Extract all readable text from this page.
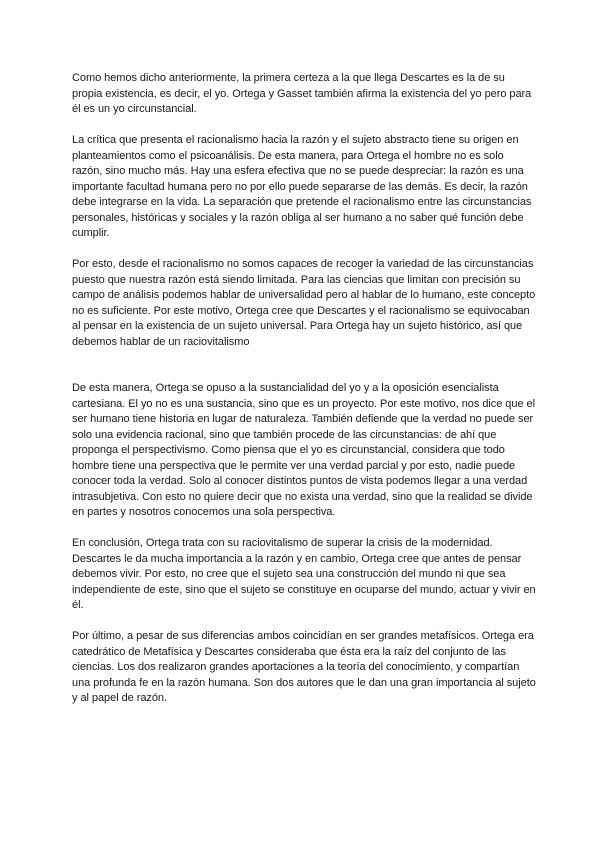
Como hemos dicho anteriormente, la primera certeza a la que llega Descartes es la de su propia existencia, es decir, el yo. Ortega y Gasset también afirma la existencia del yo pero para él es un yo circunstancial.

La crítica que presenta el racionalismo hacia la razón y el sujeto abstracto tiene su origen en planteamientos como el psicoanálisis. De esta manera, para Ortega el hombre no es solo razón, sino mucho más. Hay una esfera efectiva que no se puede despreciar: la razón es una importante facultad humana pero no por ello puede separarse de las demás. Es decir, la razón debe integrarse en la vida. La separación que pretende el racionalismo entre las circunstancias personales, históricas y sociales y la razón obliga al ser humano a no saber qué función debe cumplir.

Por esto, desde el racionalismo no somos capaces de recoger la variedad de las circunstancias puesto que nuestra razón está siendo limitada. Para las ciencias que limitan con precisión su campo de análisis podemos hablar de universalidad pero al hablar de lo humano, este concepto no es suficiente. Por este motivo, Ortega cree que Descartes y el racionalismo se equivocaban al pensar en la existencia de un sujeto universal. Para Ortega hay un sujeto histórico, así que debemos hablar de un raciovitalismo

De esta manera, Ortega se opuso a la sustancialidad del yo y a la oposición esencialista cartesiana. El yo no es una sustancia, sino que es un proyecto. Por este motivo, nos dice que el ser humano tiene historia en lugar de naturaleza. También defiende que la verdad no puede ser solo una evidencia racional, sino que también procede de las circunstancias: de ahí que proponga el perspectivismo. Como piensa que el yo es circunstancial, considera que todo hombre tiene una perspectiva que le permite ver una verdad parcial y por esto, nadie puede conocer toda la verdad. Solo al conocer distintos puntos de vista podemos llegar a una verdad intrasubjetiva. Con esto no quiere decir que no exista una verdad, sino que la realidad se divide en partes y nosotros conocemos una sola perspectiva.

En conclusión, Ortega trata con su raciovitalismo de superar la crisis de la modernidad. Descartes le da mucha importancia a la razón y en cambio, Ortega cree que antes de pensar debemos vivir. Por esto, no cree que el sujeto sea una construcción del mundo ni que sea independiente de este, sino que el sujeto se constituye en ocuparse del mundo, actuar y vivir en él.

Por último, a pesar de sus diferencias ambos coincidían en ser grandes metafísicos. Ortega era catedrático de Metafísica y Descartes consideraba que ésta era la raíz del conjunto de las ciencias. Los dos realizaron grandes aportaciones a la teoría del conocimiento, y compartían una profunda fe en la razón humana. Son dos autores que le dan una gran importancia al sujeto y al papel de razón.
